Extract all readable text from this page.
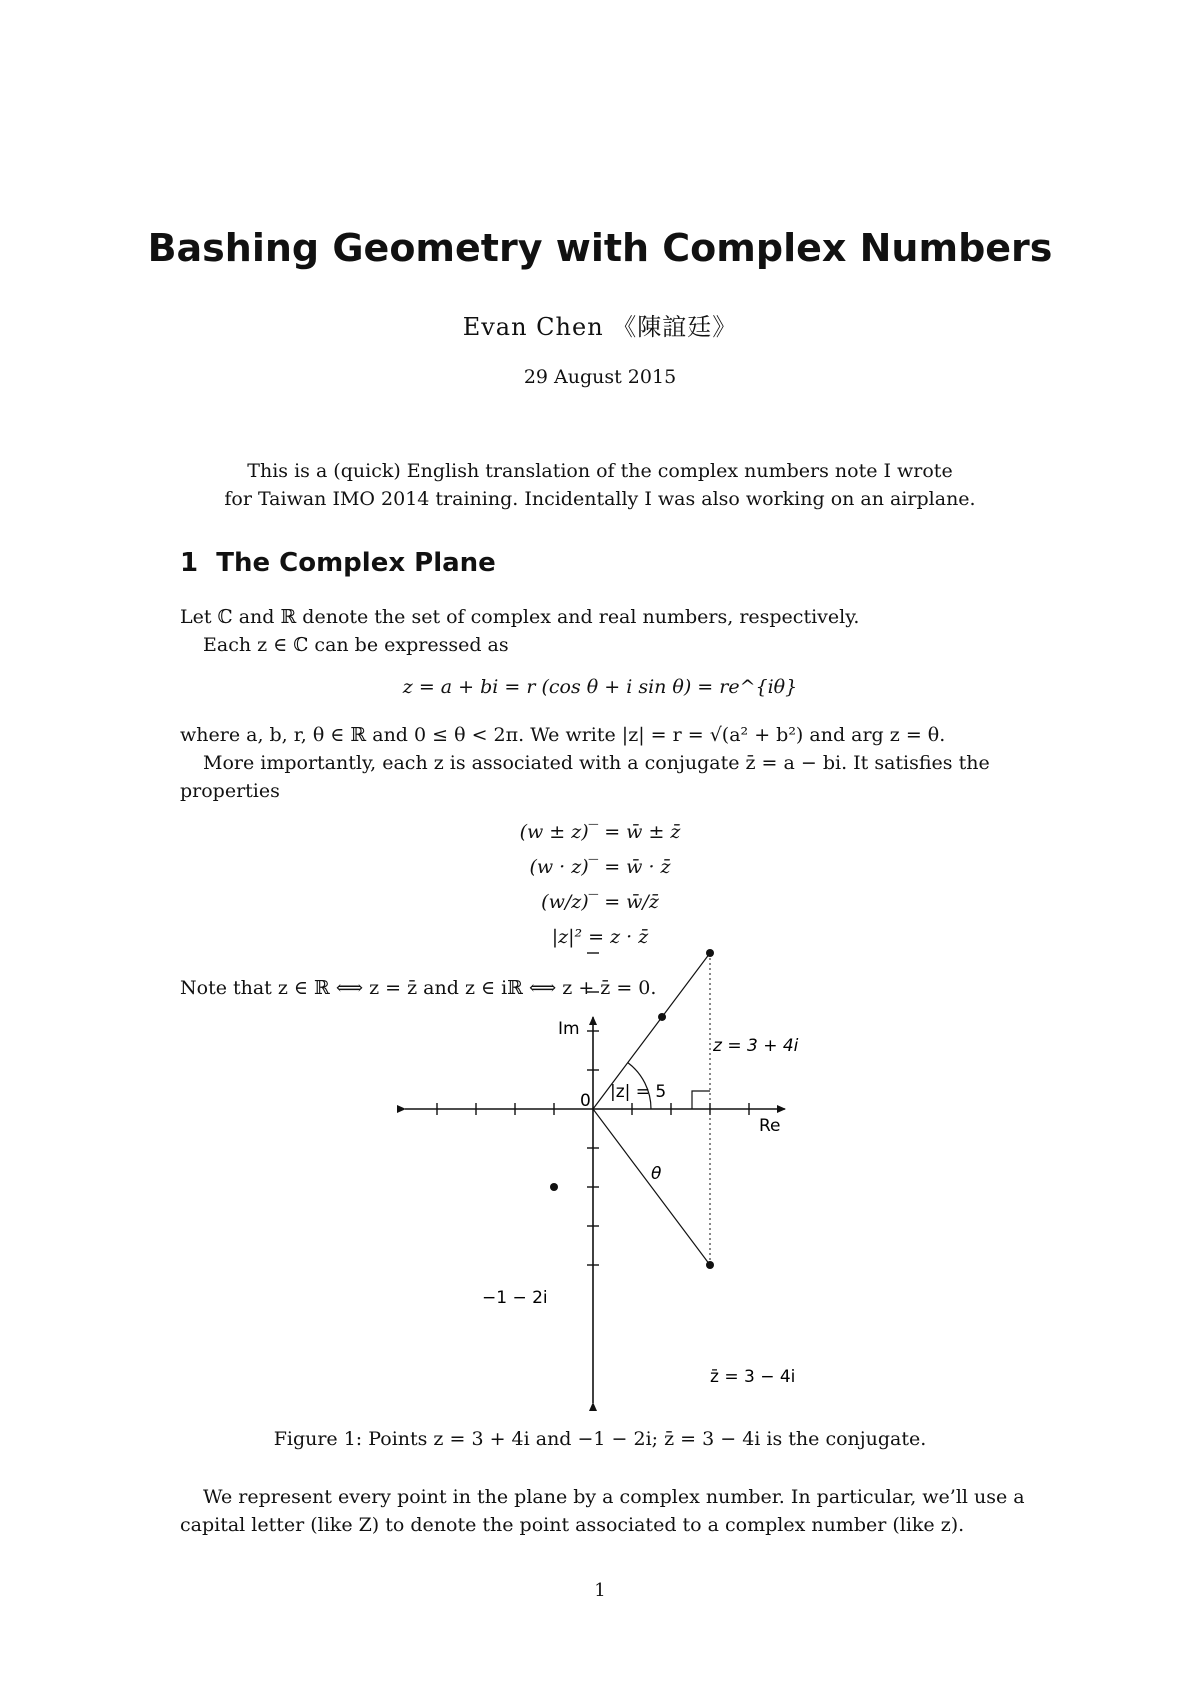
Bashing Geometry with Complex Numbers
Evan Chen 《陳誼廷》
29 August 2015
This is a (quick) English translation of the complex numbers note I wrote
for Taiwan IMO 2014 training. Incidentally I was also working on an airplane.
1 The Complex Plane
Let ℂ and ℝ denote the set of complex and real numbers, respectively.
Each z ∈ ℂ can be expressed as
z = a + bi = r (cos θ + i sin θ) = re^{iθ}
where a, b, r, θ ∈ ℝ and 0 ≤ θ < 2π. We write |z| = r = √(a² + b²) and arg z = θ.
More importantly, each z is associated with a conjugate z̄ = a − bi. It satisfies the
properties
(w ± z)‾ = w̄ ± z̄
(w · z)‾ = w̄ · z̄
(w/z)‾ = w̄/z̄
|z|² = z · z̄
Note that z ∈ ℝ ⟺ z = z̄ and z ∈ iℝ ⟺ z + z̄ = 0.
Im
Re
0
z = 3 + 4i
|z| = 5
θ
−1 − 2i
z̄ = 3 − 4i
Figure 1: Points z = 3 + 4i and −1 − 2i; z̄ = 3 − 4i is the conjugate.
We represent every point in the plane by a complex number. In particular, we’ll use a
capital letter (like Z) to denote the point associated to a complex number (like z).
1
